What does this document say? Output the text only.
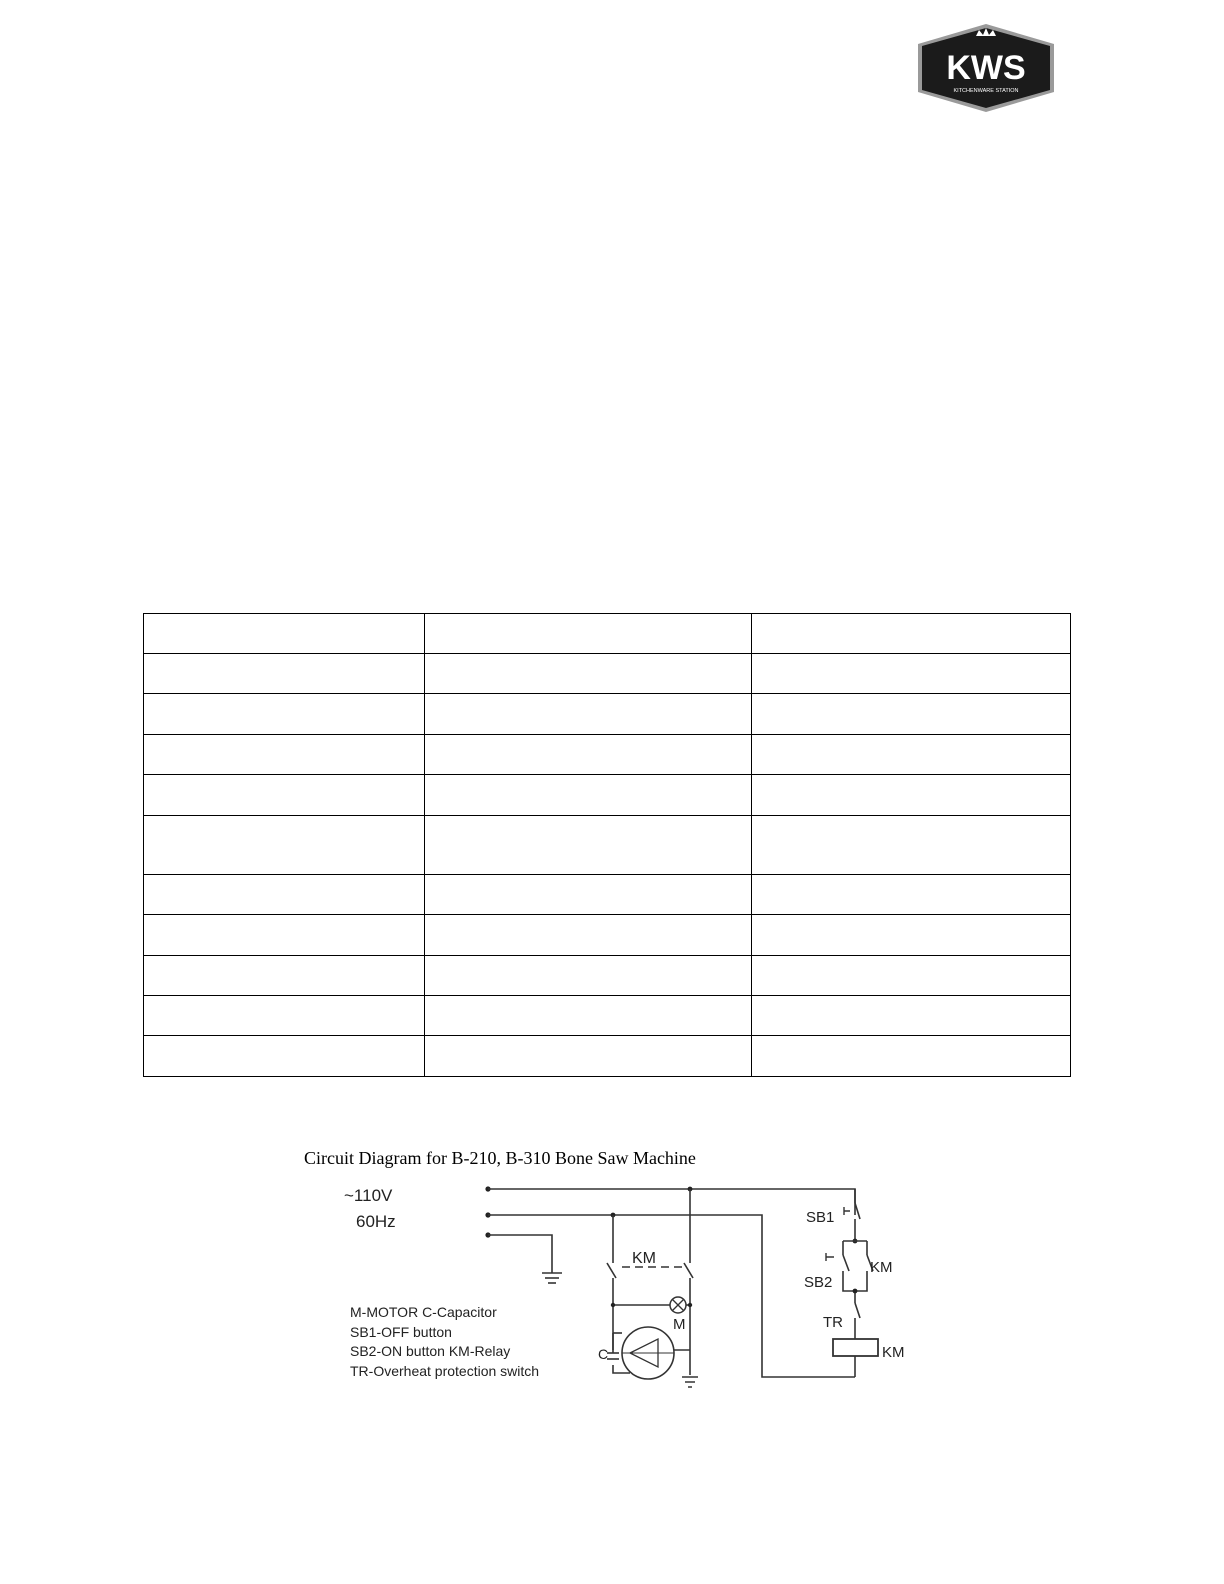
KWS
KITCHENWARE STATION

Circuit Diagram for B-210, B-310 Bone Saw Machine
~110V
60Hz
KM
M
C
SB1
SB2
KM
TR
KM
M-MOTOR C-Capacitor
SB1-OFF button
SB2-ON button KM-Relay
TR-Overheat protection switch
